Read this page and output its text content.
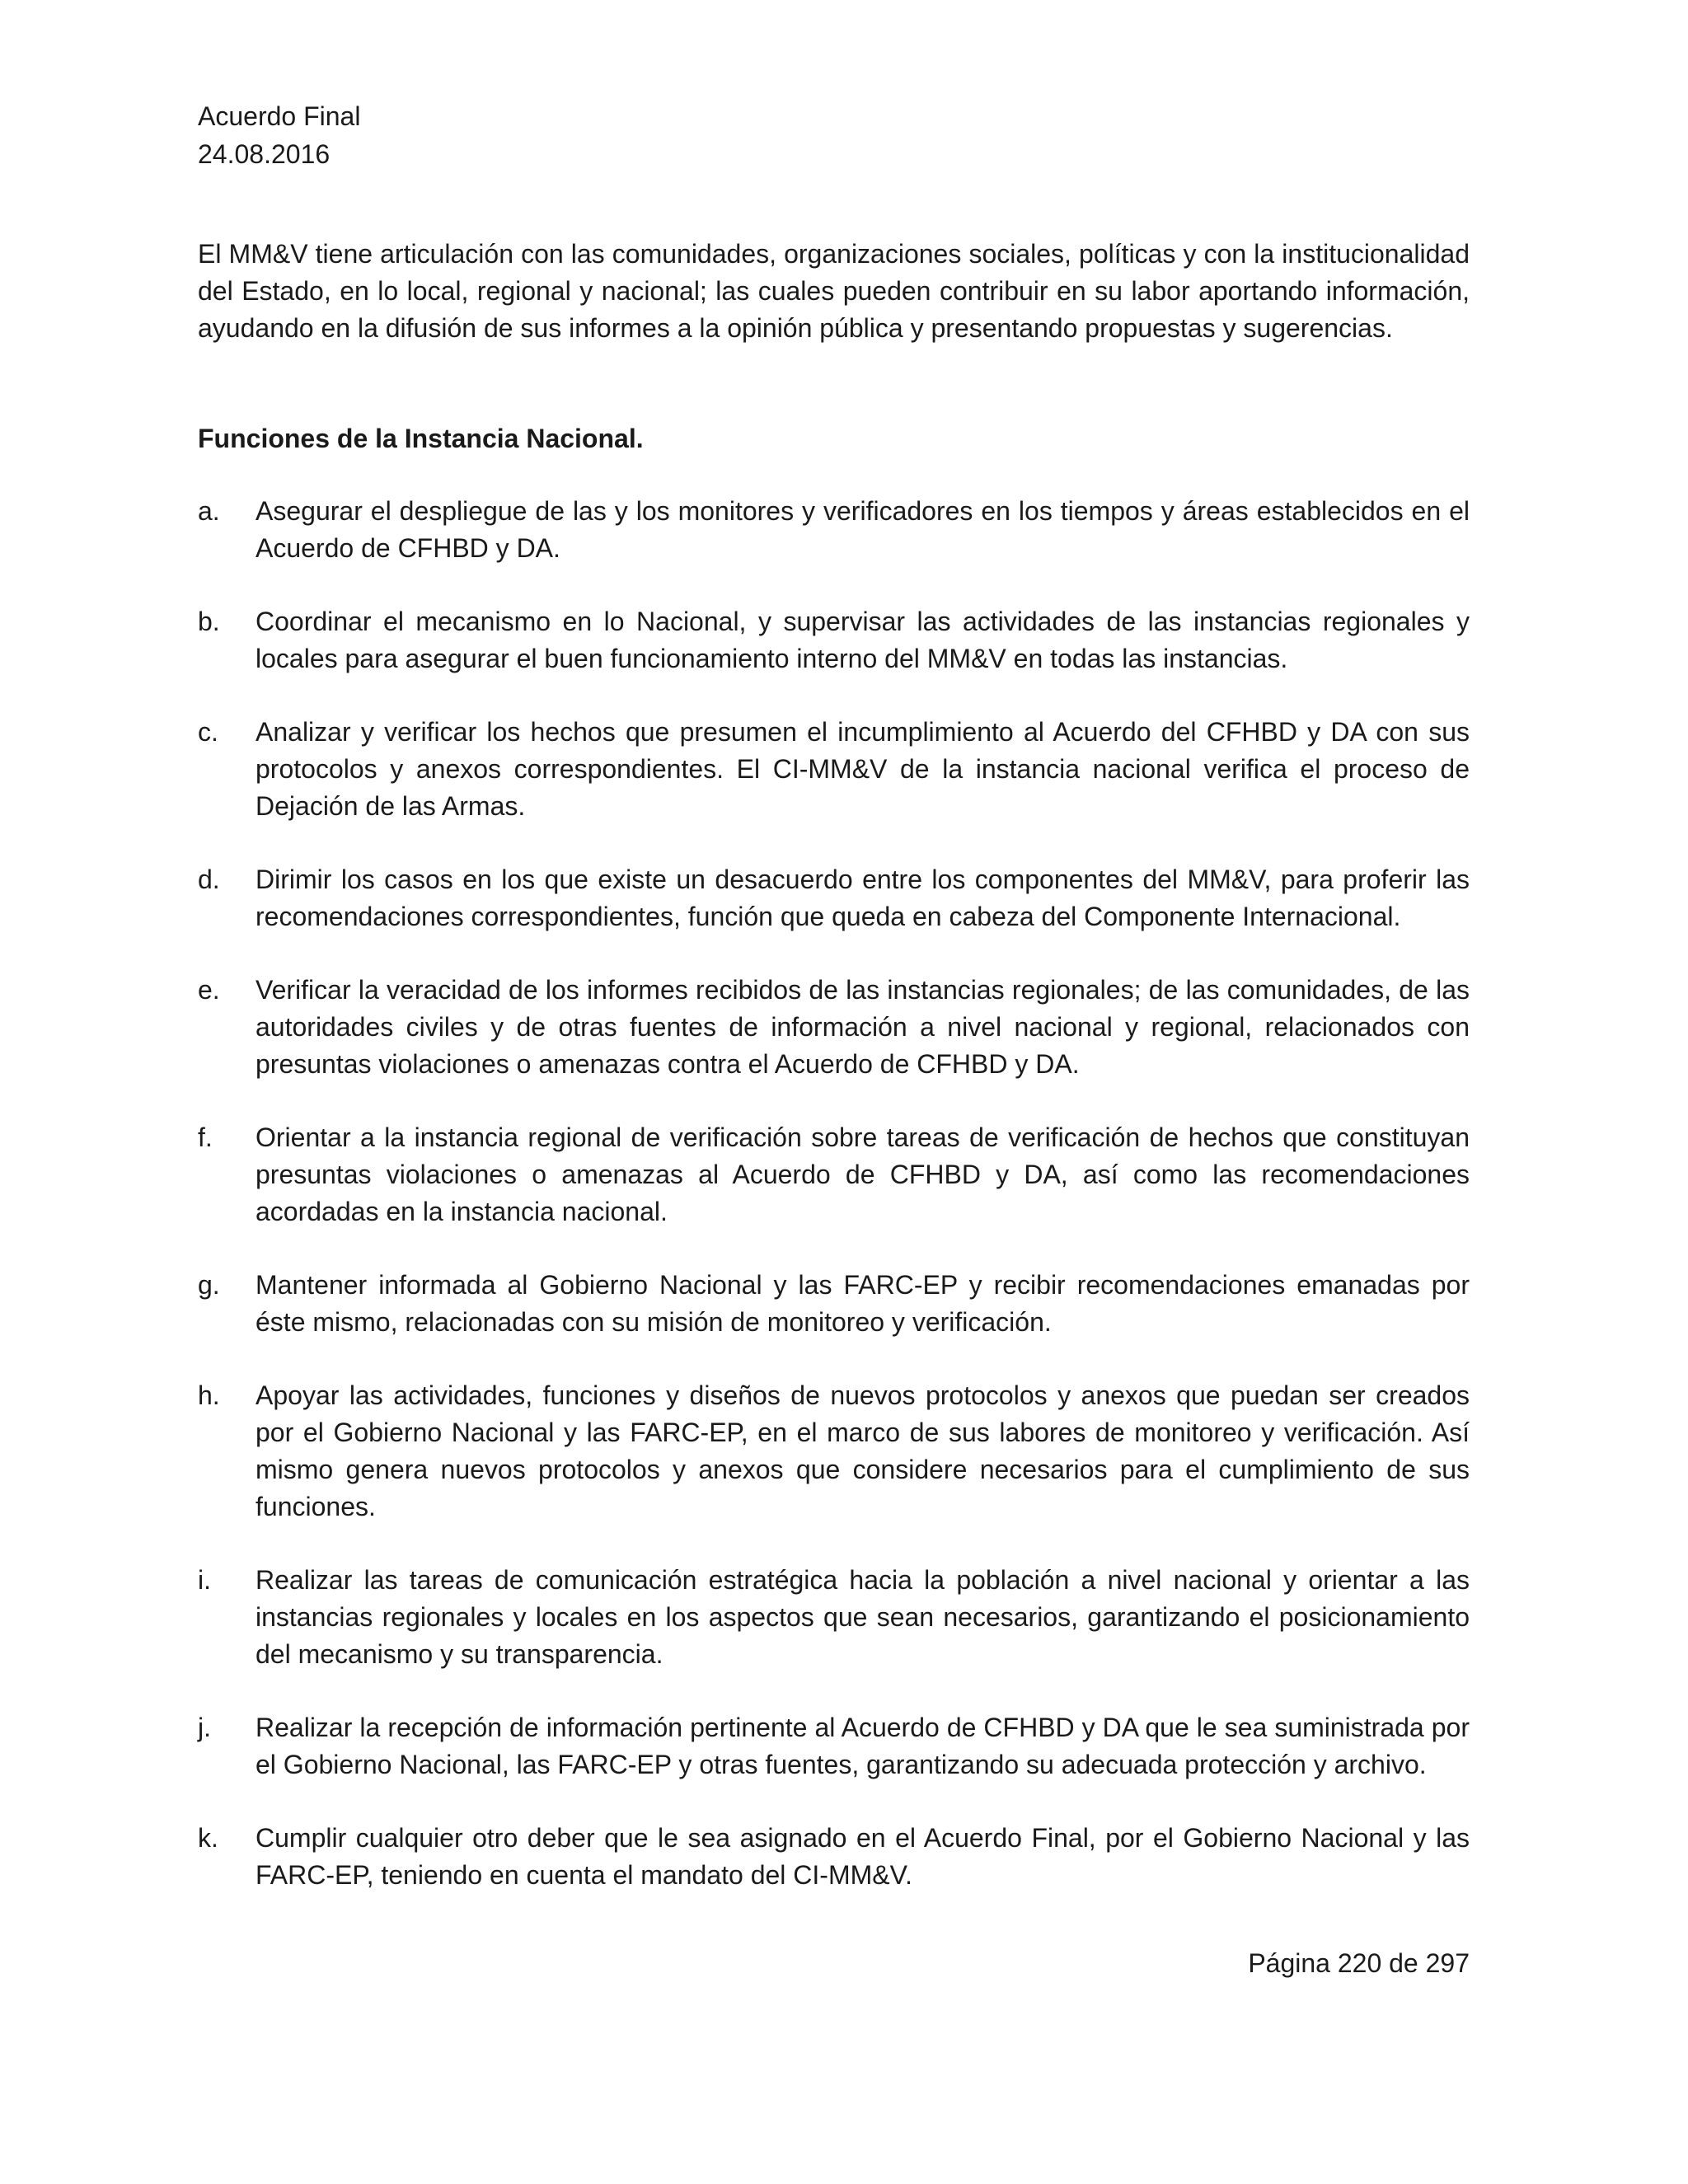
Acuerdo Final
24.08.2016

El MM&V tiene articulación con las comunidades, organizaciones sociales, políticas y con la institucionalidad del Estado, en lo local, regional y nacional; las cuales pueden contribuir en su labor aportando información, ayudando en la difusión de sus informes a la opinión pública y presentando propuestas y sugerencias.

Funciones de la Instancia Nacional.

a.	Asegurar el despliegue de las y los monitores y verificadores en los tiempos y áreas establecidos en el Acuerdo de CFHBD y DA.
b.	Coordinar el mecanismo en lo Nacional, y supervisar las actividades de las instancias regionales y locales para asegurar el buen funcionamiento interno del MM&V en todas las instancias.
c.	Analizar y verificar los hechos que presumen el incumplimiento al Acuerdo del CFHBD y DA con sus protocolos y anexos correspondientes. El CI-MM&V de la instancia nacional verifica el proceso de Dejación de las Armas.
d.	Dirimir los casos en los que existe un desacuerdo entre los componentes del MM&V, para proferir las recomendaciones correspondientes, función que queda en cabeza del Componente Internacional.
e.	Verificar la veracidad de los informes recibidos de las instancias regionales; de las comunidades, de las autoridades civiles y de otras fuentes de información a nivel nacional y regional, relacionados con presuntas violaciones o amenazas contra el Acuerdo de CFHBD y DA.
f.	Orientar a la instancia regional de verificación sobre tareas de verificación de hechos que constituyan presuntas violaciones o amenazas al Acuerdo de CFHBD y DA, así como las recomendaciones acordadas en la instancia nacional.
g.	Mantener informada al Gobierno Nacional y las FARC-EP y recibir recomendaciones emanadas por éste mismo, relacionadas con su misión de monitoreo y verificación.
h.	Apoyar las actividades, funciones y diseños de nuevos protocolos y anexos que puedan ser creados por el Gobierno Nacional y las FARC-EP, en el marco de sus labores de monitoreo y verificación. Así mismo genera nuevos protocolos y anexos que considere necesarios para el cumplimiento de sus funciones.
i.	Realizar las tareas de comunicación estratégica hacia la población a nivel nacional y orientar a las instancias regionales y locales en los aspectos que sean necesarios, garantizando el posicionamiento del mecanismo y su transparencia.
j.	Realizar la recepción de información pertinente al Acuerdo de CFHBD y DA que le sea suministrada por el Gobierno Nacional, las FARC-EP y otras fuentes, garantizando su adecuada protección y archivo.
k.	Cumplir cualquier otro deber que le sea asignado en el Acuerdo Final, por el Gobierno Nacional y las FARC-EP, teniendo en cuenta el mandato del CI-MM&V.
Página 220 de 297
